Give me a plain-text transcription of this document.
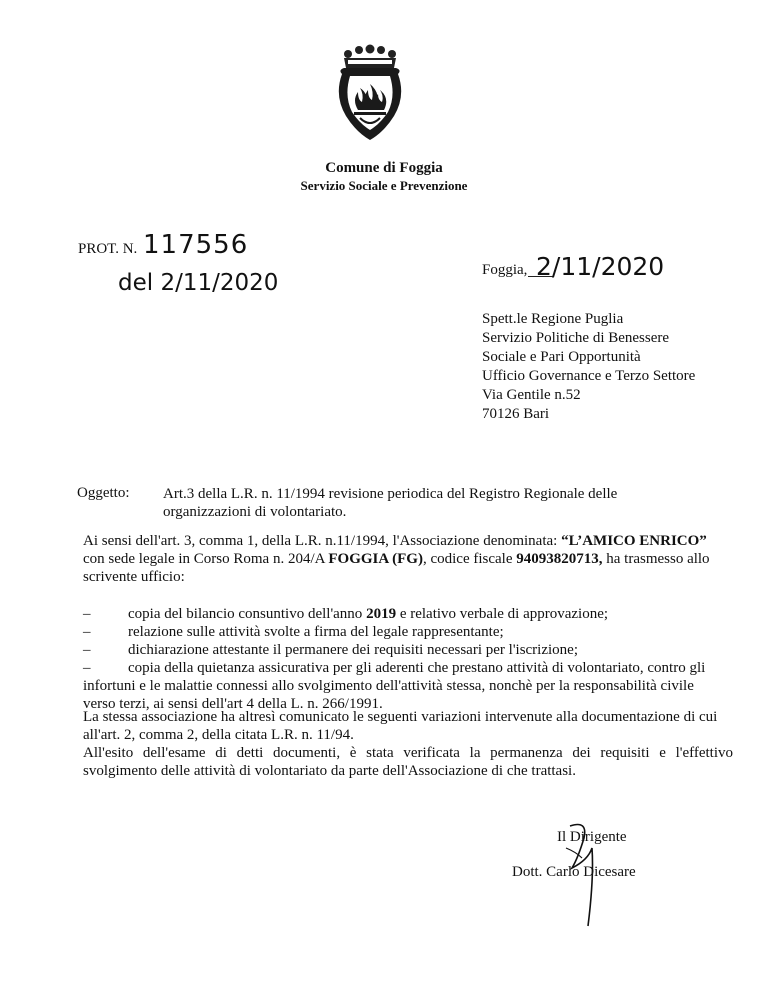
Comune di Foggia
Servizio Sociale e Prevenzione
PROT. N. 117556
del 2/11/2020	Foggia, 2/11/2020
Spett.le Regione Puglia
Servizio Politiche di Benessere
Sociale e Pari Opportunità
Ufficio Governance e Terzo Settore
Via Gentile n.52
70126 Bari
Oggetto: Art.3 della L.R. n. 11/1994 revisione periodica del Registro Regionale delle
organizzazioni di volontariato.

Ai sensi dell'art. 3, comma 1, della L.R. n.11/1994, l'Associazione denominata: “L’AMICO ENRICO”

con sede legale in Corso Roma n. 204/A FOGGIA (FG), codice fiscale 94093820713, ha trasmesso allo

scrivente ufficio:

–	copia del bilancio consuntivo dell'anno 2019 e relativo verbale di approvazione;
–	relazione sulle attività svolte a firma del legale rappresentante;
–	dichiarazione attestante il permanere dei requisiti necessari per l'iscrizione;
–	copia della quietanza assicurativa per gli aderenti che prestano attività di volontariato, contro gli
infortuni e le malattie connessi allo svolgimento dell'attività stessa, nonchè per la responsabilità civile
verso terzi, ai sensi dell'art 4 della L. n. 266/1991.

La stessa associazione ha altresì comunicato le seguenti variazioni intervenute alla documentazione di cui

all'art. 2, comma 2, della citata L.R. n. 11/94.

All'esito dell'esame di detti documenti, è stata verificata la permanenza dei requisiti e l'effettivo svolgimento delle attività di volontariato da parte dell'Associazione di che trattasi.

Il Dirigente
Dott. Carlo Dicesare
